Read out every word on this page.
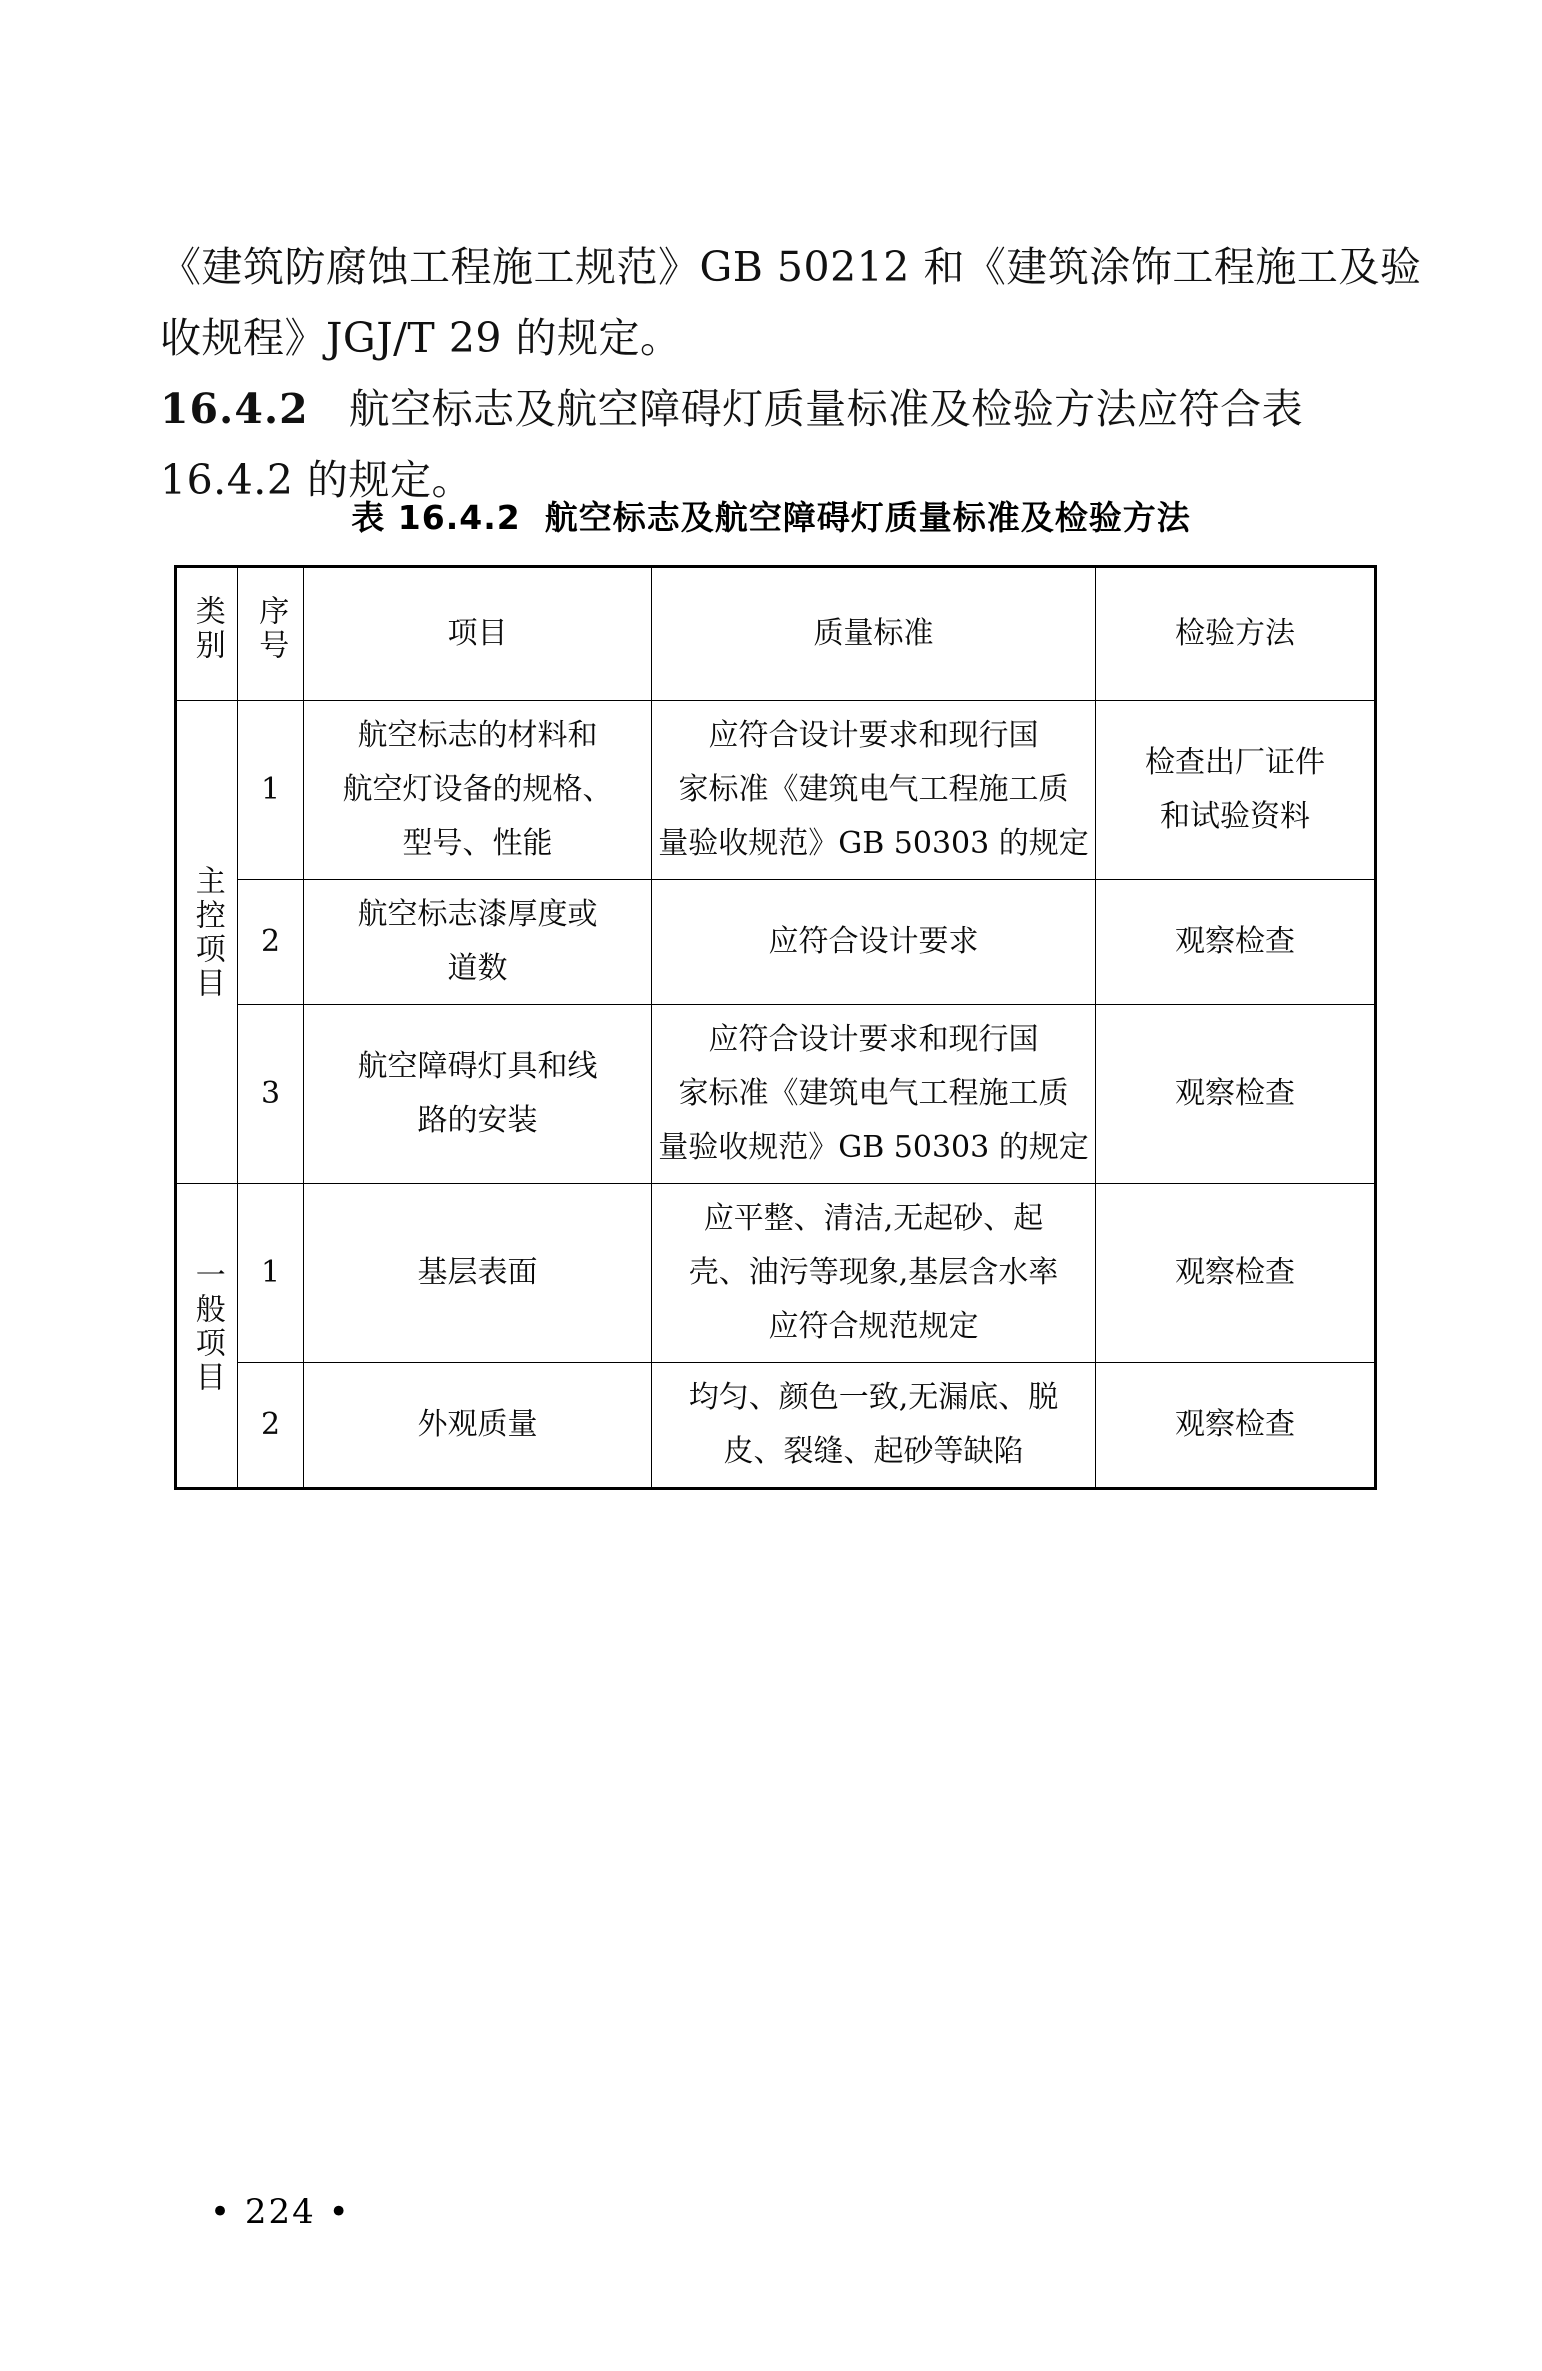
《建筑防腐蚀工程施工规范》GB 50212 和《建筑涂饰工程施工及验
收规程》JGJ/T 29 的规定。
16.4.2 航空标志及航空障碍灯质量标准及检验方法应符合表
16.4.2 的规定。
表 16.4.2 航空标志及航空障碍灯质量标准及检验方法
类别	序号	项目	质量标准	检验方法
主控项目	1	航空标志的材料和
航空灯设备的规格、
型号、性能	应符合设计要求和现行国
家标准《建筑电气工程施工质
量验收规范》GB 50303 的规定	检查出厂证件
和试验资料

	2	航空标志漆厚度或
道数	应符合设计要求	观察检查

	3	航空障碍灯具和线
路的安装	应符合设计要求和现行国
家标准《建筑电气工程施工质
量验收规范》GB 50303 的规定	观察检查

一般项目	1	基层表面	应平整、清洁,无起砂、起
壳、油污等现象,基层含水率
应符合规范规定	观察检查

	2	外观质量	均匀、颜色一致,无漏底、脱
皮、裂缝、起砂等缺陷	观察检查
• 224 •
